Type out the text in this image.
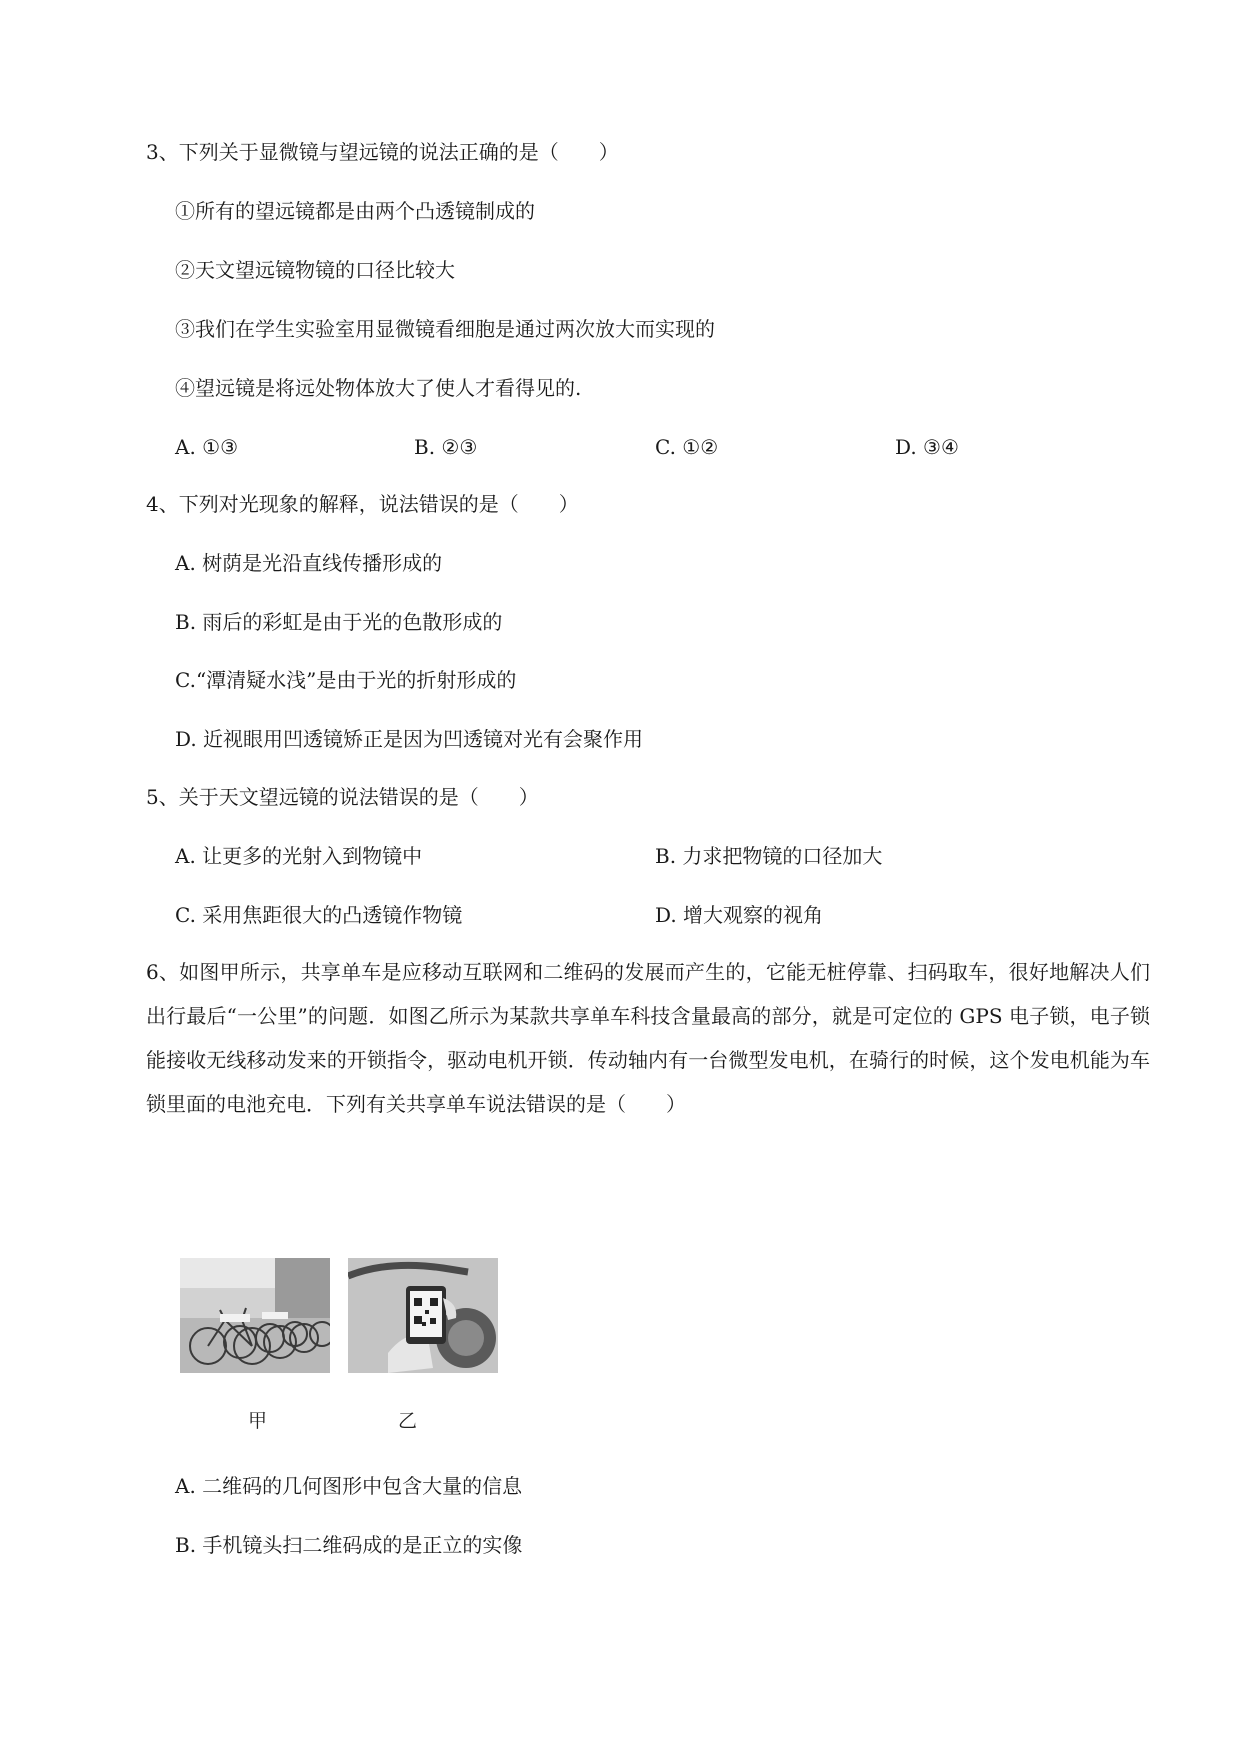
3、下列关于显微镜与望远镜的说法正确的是（　　）
①所有的望远镜都是由两个凸透镜制成的
②天文望远镜物镜的口径比较大
③我们在学生实验室用显微镜看细胞是通过两次放大而实现的
④望远镜是将远处物体放大了使人才看得见的.
A. ①③	B. ②③	C. ①②	D. ③④
4、下列对光现象的解释，说法错误的是（　　）
A. 树荫是光沿直线传播形成的
B. 雨后的彩虹是由于光的色散形成的
C.“潭清疑水浅”是由于光的折射形成的
D. 近视眼用凹透镜矫正是因为凹透镜对光有会聚作用
5、关于天文望远镜的说法错误的是（　　）
A. 让更多的光射入到物镜中	B. 力求把物镜的口径加大
C. 采用焦距很大的凸透镜作物镜	D. 增大观察的视角
6、如图甲所示，共享单车是应移动互联网和二维码的发展而产生的，它能无桩停靠、扫码取车，很好地解决人们出行最后“一公里”的问题．如图乙所示为某款共享单车科技含量最高的部分，就是可定位的 GPS 电子锁，电子锁能接收无线移动发来的开锁指令，驱动电机开锁．传动轴内有一台微型发电机，在骑行的时候，这个发电机能为车锁里面的电池充电．下列有关共享单车说法错误的是（　　）
甲	乙
A. 二维码的几何图形中包含大量的信息
B. 手机镜头扫二维码成的是正立的实像
